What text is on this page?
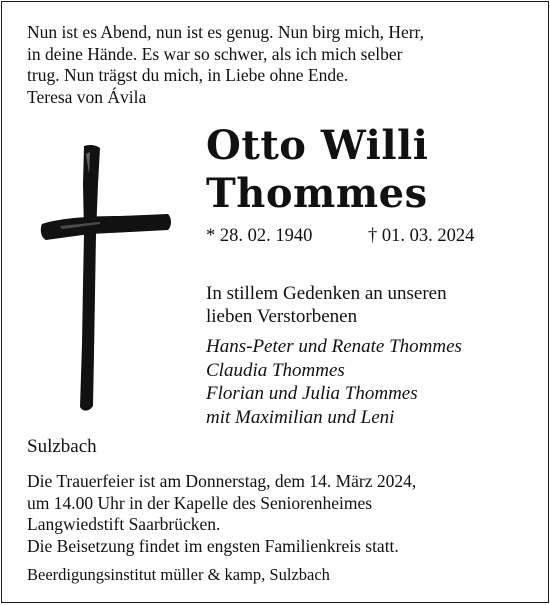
Nun ist es Abend, nun ist es genug. Nun birg mich, Herr,
in deine Hände. Es war so schwer, als ich mich selber
trug. Nun trägst du mich, in Liebe ohne Ende.
Teresa von Ávila
Otto Willi
Thommes
* 28. 02. 1940	† 01. 03. 2024
In stillem Gedenken an unseren
lieben Verstorbenen
Hans-Peter und Renate Thommes
Claudia Thommes
Florian und Julia Thommes
mit Maximilian und Leni
Sulzbach
Die Trauerfeier ist am Donnerstag, dem 14. März 2024,
um 14.00 Uhr in der Kapelle des Seniorenheimes
Langwiedstift Saarbrücken.
Die Beisetzung findet im engsten Familienkreis statt.
Beerdigungsinstitut müller & kamp, Sulzbach
